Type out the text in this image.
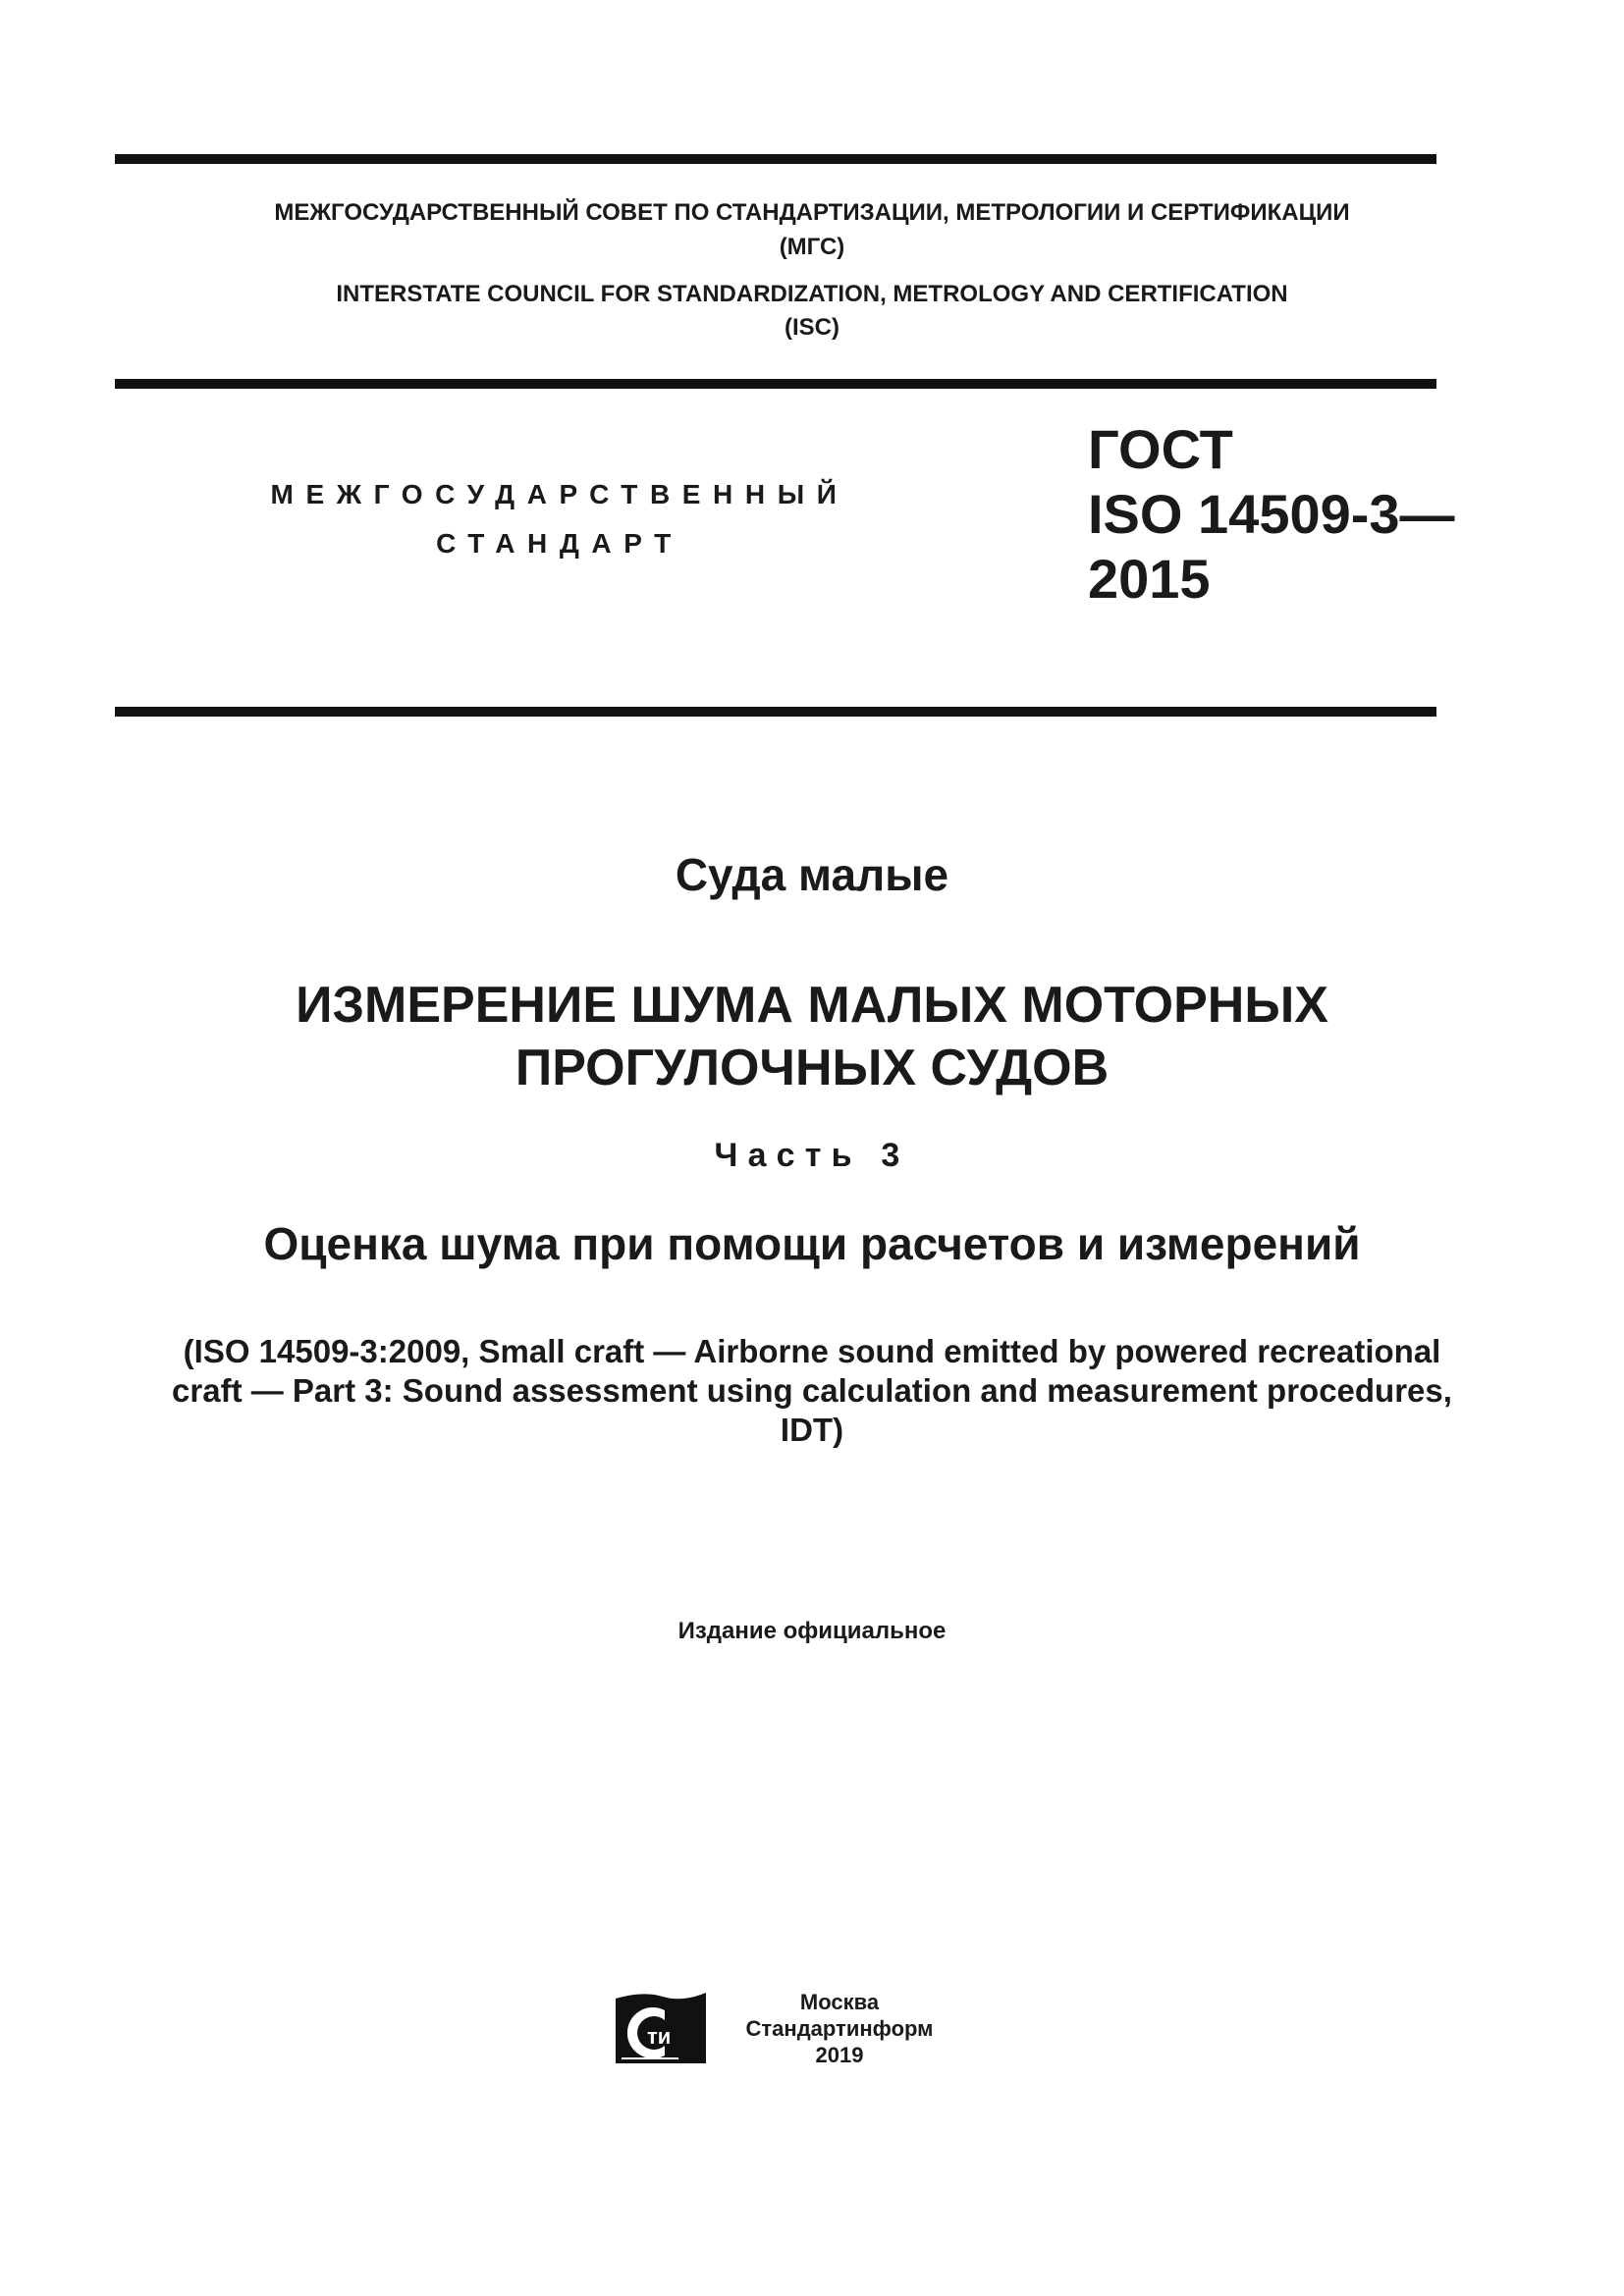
МЕЖГОСУДАРСТВЕННЫЙ СОВЕТ ПО СТАНДАРТИЗАЦИИ, МЕТРОЛОГИИ И СЕРТИФИКАЦИИ
(МГС)
INTERSTATE COUNCIL FOR STANDARDIZATION, METROLOGY AND CERTIFICATION
(ISC)
МЕЖГОСУДАРСТВЕННЫЙ
СТАНДАРТ
ГОСТ
ISO 14509-3—
2015
Суда малые
ИЗМЕРЕНИЕ ШУМА МАЛЫХ МОТОРНЫХ
ПРОГУЛОЧНЫХ СУДОВ
Часть 3
Оценка шума при помощи расчетов и измерений
(ISO 14509-3:2009, Small craft — Airborne sound emitted by powered recreational
craft — Part 3: Sound assessment using calculation and measurement procedures,
IDT)
Издание официальное
ти
Москва
Стандартинформ
2019
